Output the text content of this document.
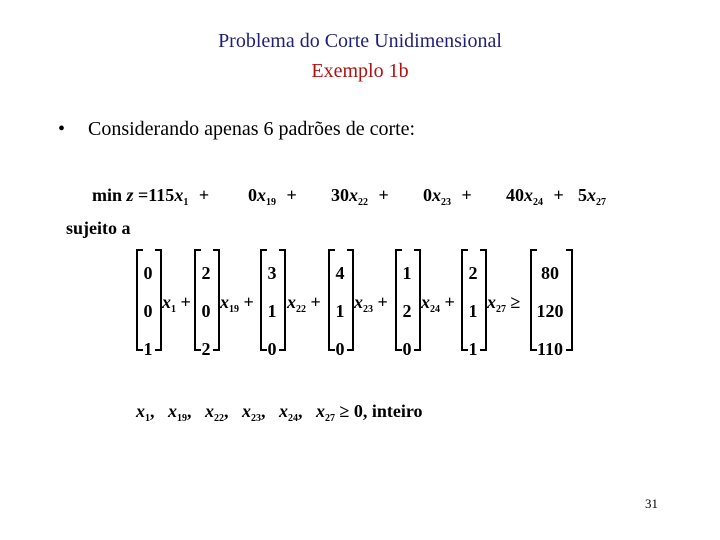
Problema do Corte Unidimensional
Exemplo 1b
• Considerando apenas 6 padrões de corte:
$\min z =115x_1 + 0x_{19} + 30x_{22} + 0x_{23} + 40x_{24} + 5x_{27}$
sujeito a
0
0
1
$x_1$ +
2
0
2
$x_{19}$ +
3
1
0
$x_{22}$ +
4
1
0
$x_{23}$ +
1
2
0
$x_{24}$ +
2
1
1
$x_{27}$ ≥
80
120
110
$x_1$, $x_{19}$, $x_{22}$, $x_{23}$, $x_{24}$, $x_{27} \ge 0$, inteiro
31
